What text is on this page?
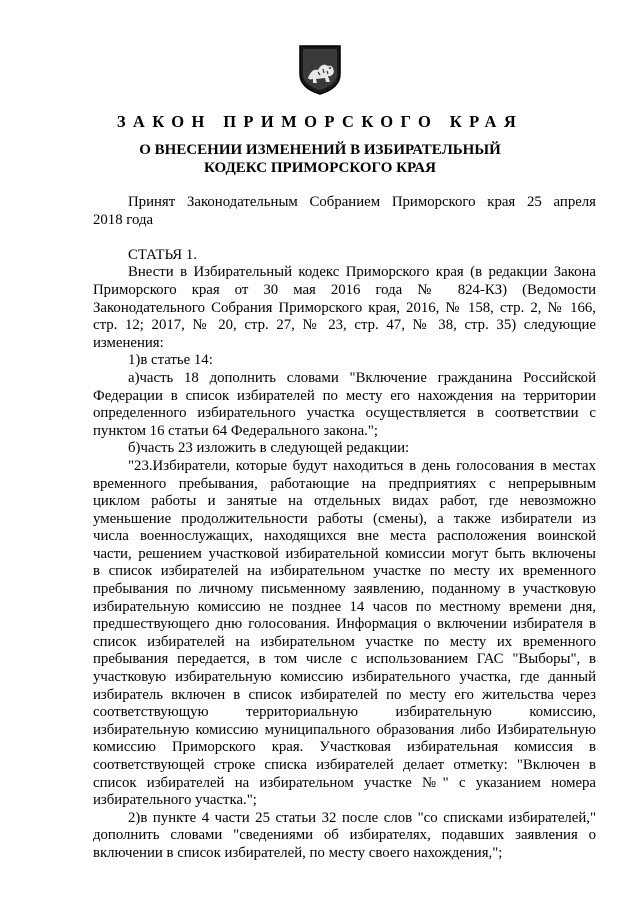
ЗАКОН ПРИМОРСКОГО КРАЯ
О ВНЕСЕНИИ ИЗМЕНЕНИЙ В ИЗБИРАТЕЛЬНЫЙ
КОДЕКС ПРИМОРСКОГО КРАЯ
Принят Законодательным Собранием Приморского края 25 апреля
2018 года
СТАТЬЯ 1.
Внести в Избирательный кодекс Приморского края (в редакции Закона
Приморского края от 30 мая 2016 года № 824-КЗ) (Ведомости
Законодательного Собрания Приморского края, 2016, № 158, стр. 2, № 166,
стр. 12; 2017, № 20, стр. 27, № 23, стр. 47, № 38, стр. 35) следующие
изменения:
1)в статье 14:
а)часть 18 дополнить словами "Включение гражданина Российской
Федерации в список избирателей по месту его нахождения на территории
определенного избирательного участка осуществляется в соответствии с
пунктом 16 статьи 64 Федерального закона.";
б)часть 23 изложить в следующей редакции:
"23.Избиратели, которые будут находиться в день голосования в местах
временного пребывания, работающие на предприятиях с непрерывным
циклом работы и занятые на отдельных видах работ, где невозможно
уменьшение продолжительности работы (смены), а также избиратели из
числа военнослужащих, находящихся вне места расположения воинской
части, решением участковой избирательной комиссии могут быть включены
в список избирателей на избирательном участке по месту их временного
пребывания по личному письменному заявлению, поданному в участковую
избирательную комиссию не позднее 14 часов по местному времени дня,
предшествующего дню голосования. Информация о включении избирателя в
список избирателей на избирательном участке по месту их временного
пребывания передается, в том числе с использованием ГАС "Выборы", в
участковую избирательную комиссию избирательного участка, где данный
избиратель включен в список избирателей по месту его жительства через
соответствующую территориальную избирательную комиссию,
избирательную комиссию муниципального образования либо Избирательную
комиссию Приморского края. Участковая избирательная комиссия в
соответствующей строке списка избирателей делает отметку: "Включен в
список избирателей на избирательном участке №" с указанием номера
избирательного участка.";
2)в пункте 4 части 25 статьи 32 после слов "со списками избирателей,"
дополнить словами "сведениями об избирателях, подавших заявления о
включении в список избирателей, по месту своего нахождения,";
